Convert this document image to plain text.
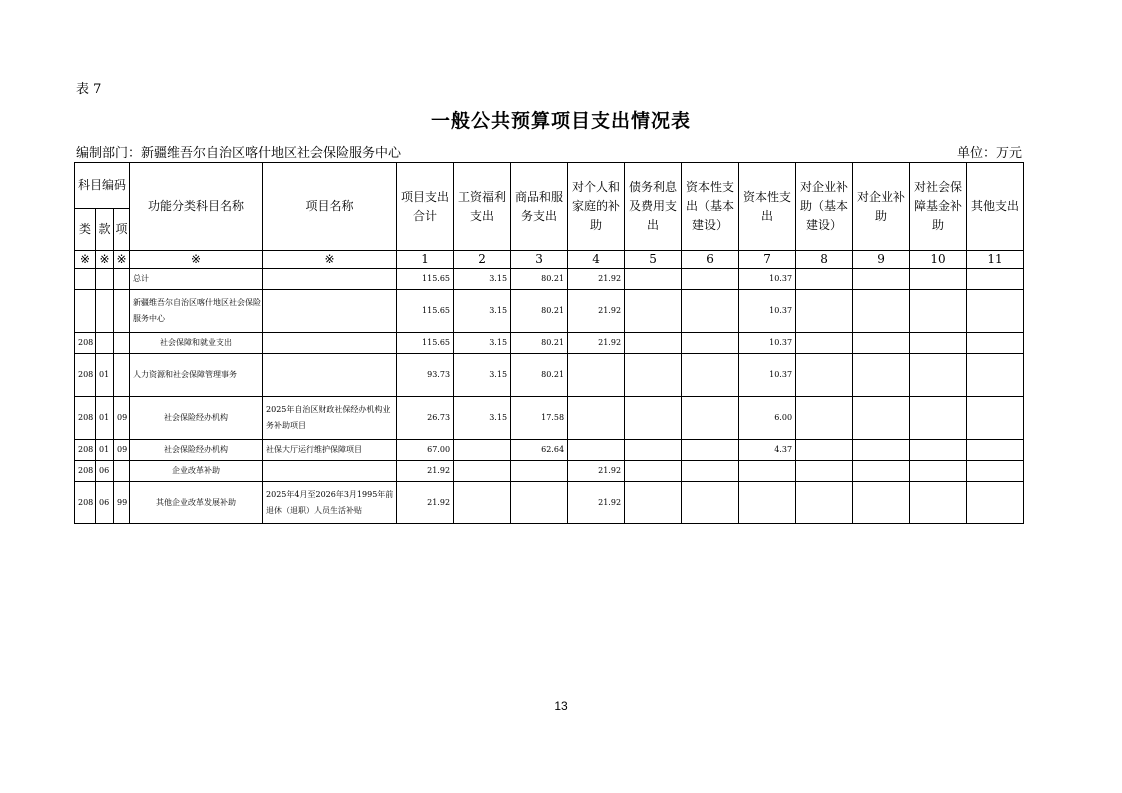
表 7
一般公共预算项目支出情况表
编制部门：新疆维吾尔自治区喀什地区社会保险服务中心	单位：万元
科目编码			功能分类科目名称	项目名称	项目支出合计	工资福利支出	商品和服务支出	对个人和家庭的补助	债务利息及费用支出	资本性支出（基本建设）	资本性支出	对企业补助（基本建设）	对企业补助	对社会保障基金补助	其他支出
类	款	项													
※	※	※	※	※	1	2	3	4	5	6	7	8	9	10	11
			总计		115.65	3.15	80.21	21.92			10.37				
			新疆维吾尔自治区喀什地区社会保险服务中心		115.65	3.15	80.21	21.92			10.37				
208			社会保障和就业支出		115.65	3.15	80.21	21.92			10.37				
208	01		人力资源和社会保障管理事务		93.73	3.15	80.21				10.37				
208	01	09	社会保险经办机构	2025年自治区财政社保经办机构业务补助项目	26.73	3.15	17.58				6.00				
208	01	09	社会保险经办机构	社保大厅运行维护保障项目	67.00		62.64				4.37				
208	06		企业改革补助		21.92			21.92							
208	06	99	其他企业改革发展补助	2025年4月至2026年3月1995年前退休（退职）人员生活补贴	21.92			21.92							
13
